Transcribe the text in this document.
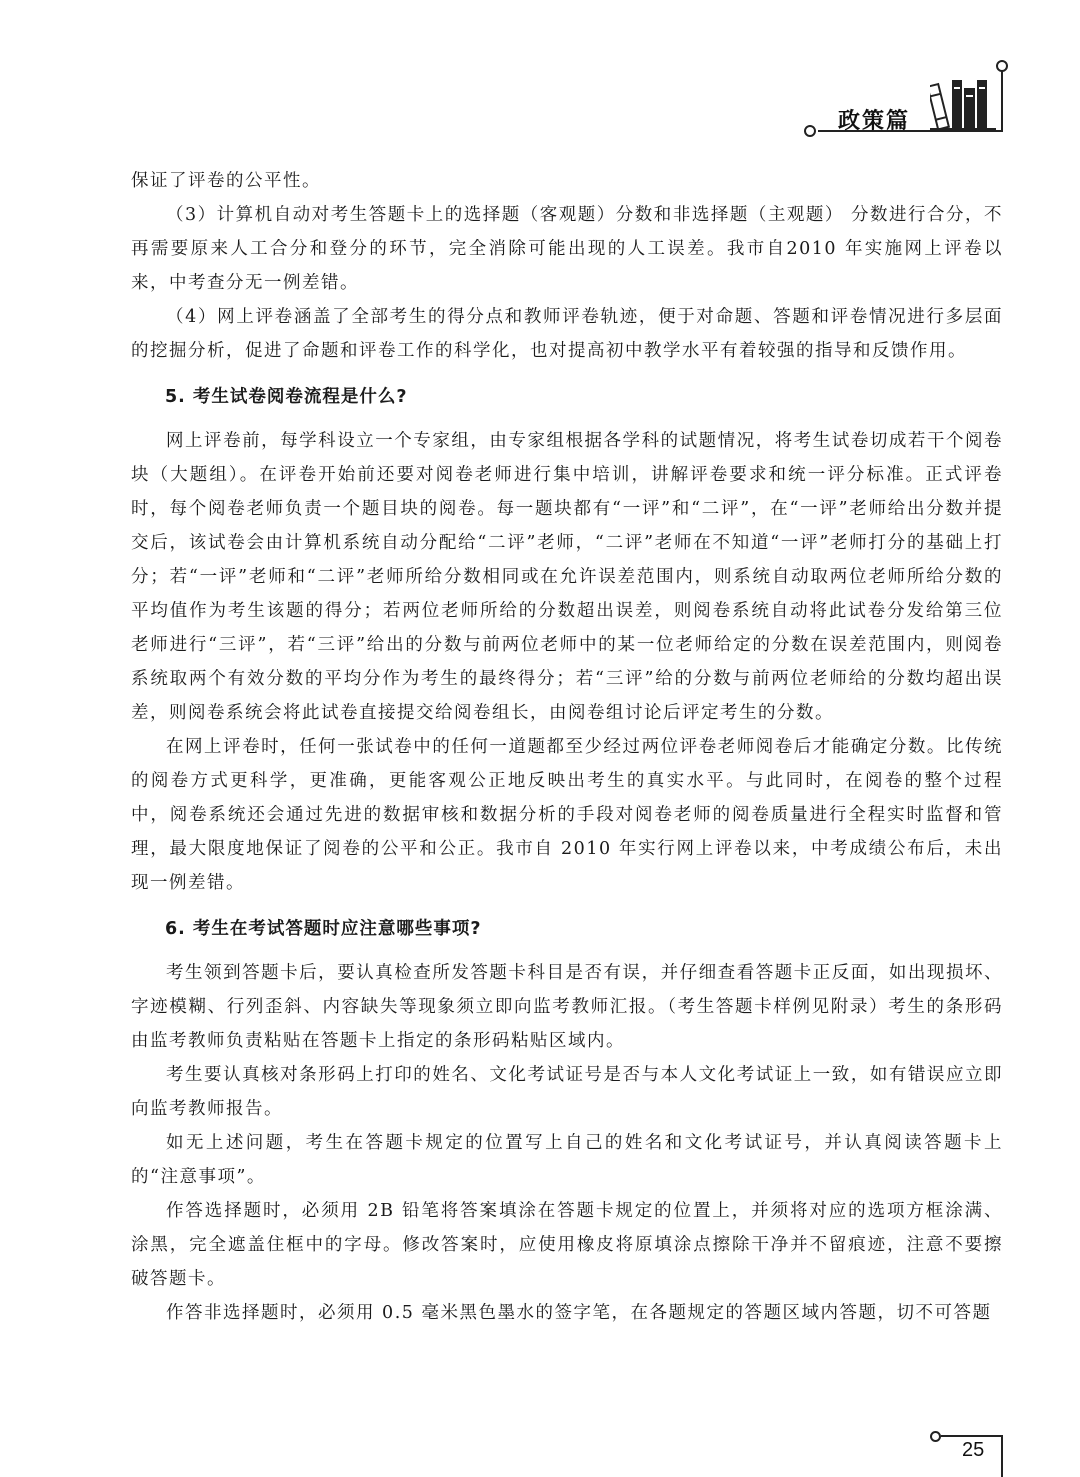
政策篇

保证了评卷的公平性。

（3）计算机自动对考生答题卡上的选择题（客观题）分数和非选择题（主观题） 分数进行合分，不再需要原来人工合分和登分的环节，完全消除可能出现的人工误差。我市自2010 年实施网上评卷以来，中考查分无一例差错。

（4）网上评卷涵盖了全部考生的得分点和教师评卷轨迹，便于对命题、答题和评卷情况进行多层面的挖掘分析，促进了命题和评卷工作的科学化，也对提高初中教学水平有着较强的指导和反馈作用。

5. 考生试卷阅卷流程是什么?

网上评卷前，每学科设立一个专家组，由专家组根据各学科的试题情况，将考生试卷切成若干个阅卷块（大题组）。在评卷开始前还要对阅卷老师进行集中培训，讲解评卷要求和统一评分标准。正式评卷时，每个阅卷老师负责一个题目块的阅卷。每一题块都有“一评”和“二评”，在“一评”老师给出分数并提交后，该试卷会由计算机系统自动分配给“二评”老师，“二评”老师在不知道“一评”老师打分的基础上打分；若“一评”老师和“二评”老师所给分数相同或在允许误差范围内，则系统自动取两位老师所给分数的平均值作为考生该题的得分；若两位老师所给的分数超出误差，则阅卷系统自动将此试卷分发给第三位老师进行“三评”，若“三评”给出的分数与前两位老师中的某一位老师给定的分数在误差范围内，则阅卷系统取两个有效分数的平均分作为考生的最终得分；若“三评”给的分数与前两位老师给的分数均超出误差，则阅卷系统会将此试卷直接提交给阅卷组长，由阅卷组讨论后评定考生的分数。

在网上评卷时，任何一张试卷中的任何一道题都至少经过两位评卷老师阅卷后才能确定分数。比传统的阅卷方式更科学，更准确，更能客观公正地反映出考生的真实水平。与此同时，在阅卷的整个过程中，阅卷系统还会通过先进的数据审核和数据分析的手段对阅卷老师的阅卷质量进行全程实时监督和管理，最大限度地保证了阅卷的公平和公正。我市自 2010 年实行网上评卷以来，中考成绩公布后，未出现一例差错。

6. 考生在考试答题时应注意哪些事项?

考生领到答题卡后，要认真检查所发答题卡科目是否有误，并仔细查看答题卡正反面，如出现损坏、字迹模糊、行列歪斜、内容缺失等现象须立即向监考教师汇报。（考生答题卡样例见附录）考生的条形码由监考教师负责粘贴在答题卡上指定的条形码粘贴区域内。

考生要认真核对条形码上打印的姓名、文化考试证号是否与本人文化考试证上一致，如有错误应立即向监考教师报告。

如无上述问题，考生在答题卡规定的位置写上自己的姓名和文化考试证号，并认真阅读答题卡上的“注意事项”。

作答选择题时，必须用 2B 铅笔将答案填涂在答题卡规定的位置上，并须将对应的选项方框涂满、涂黑，完全遮盖住框中的字母。修改答案时，应使用橡皮将原填涂点擦除干净并不留痕迹，注意不要擦破答题卡。

作答非选择题时，必须用 0.5 毫米黑色墨水的签字笔，在各题规定的答题区域内答题，切不可答题

25
